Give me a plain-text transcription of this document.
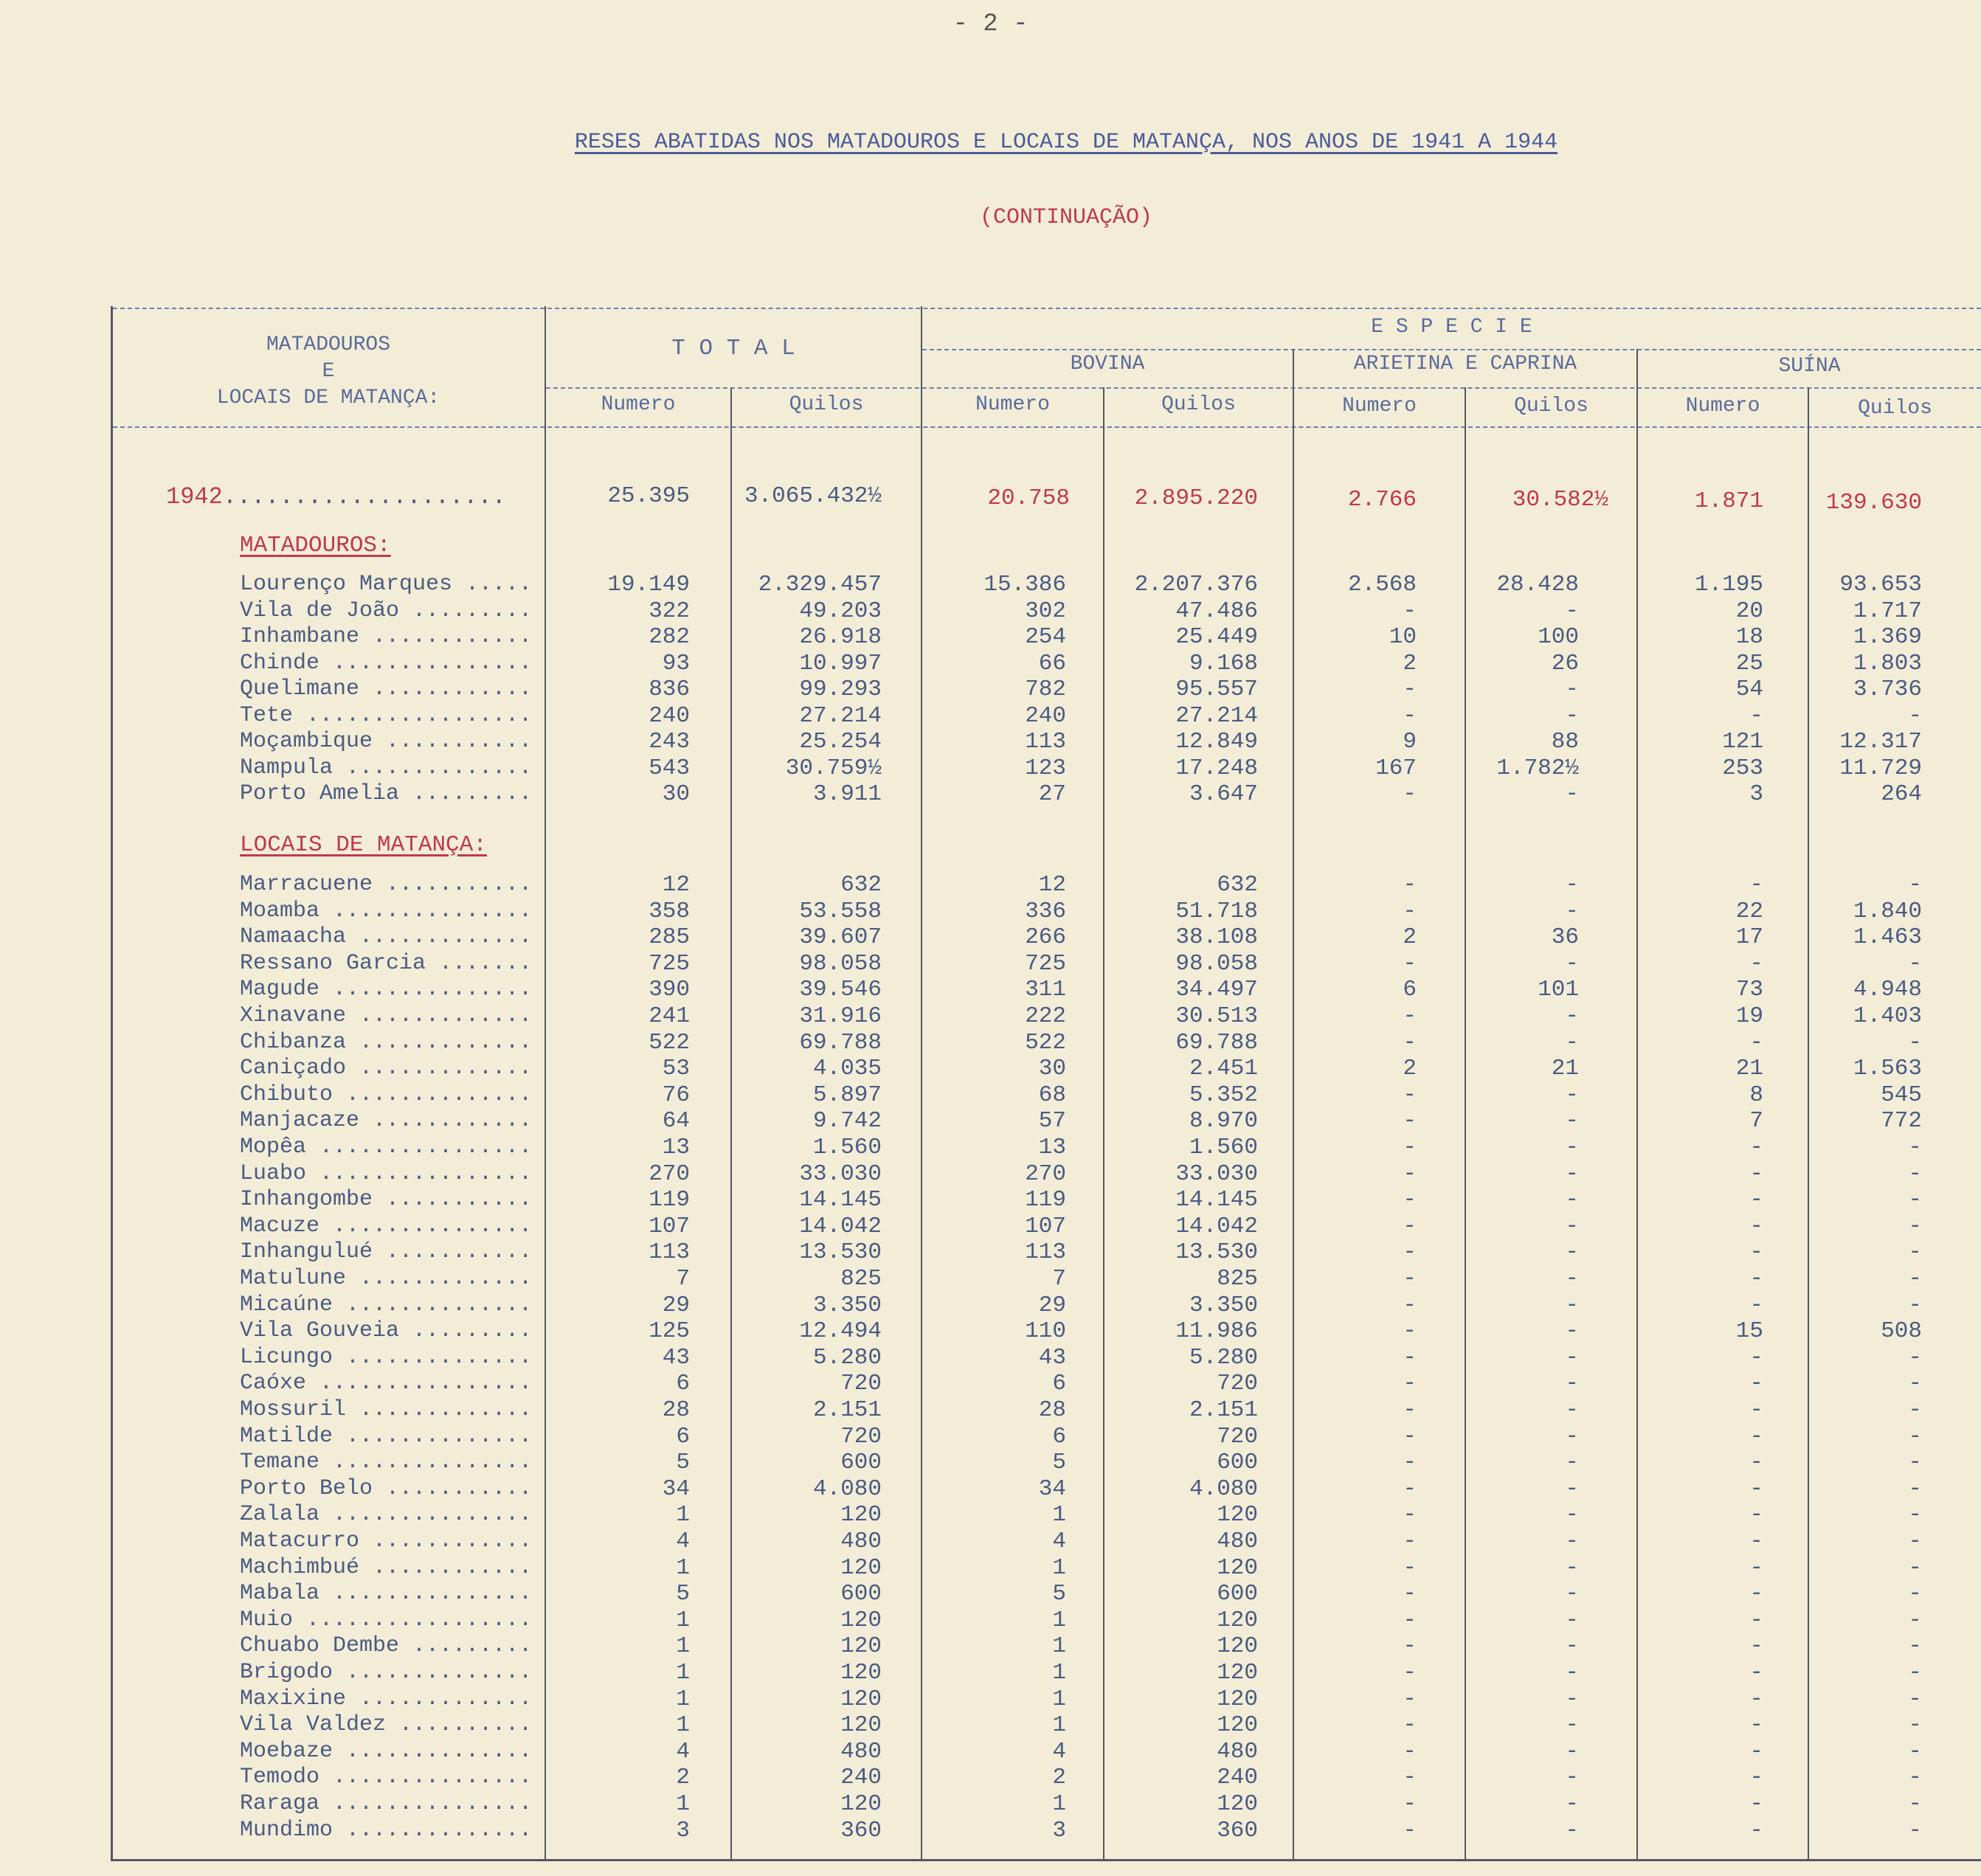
- 2 -
RESES ABATIDAS NOS MATADOUROS E LOCAIS DE MATANÇA, NOS ANOS DE 1941 A 1944
(CONTINUAÇÃO)
MATADOUROS
E
LOCAIS DE MATANÇA:
T O T A L
E S P E C I E
BOVINA	ARIETINA E CAPRINA	SUÍNA
Numero	Quilos	Numero	Quilos	Numero	Quilos	Numero	Quilos
1942....................	25.395	3.065.432½	20.758	2.895.220	2.766	30.582½	1.871	139.630
MATADOUROS:
Lourenço Marques .....	19.149	2.329.457	15.386	2.207.376	2.568	28.428	1.195	93.653
Vila de João .....	322	49.203	302	47.486	-	-	20	1.717
Inhambane .....	282	26.918	254	25.449	10	100	18	1.369
Chinde .....	93	10.997	66	9.168	2	26	25	1.803
Quelimane .....	836	99.293	782	95.557	-	-	54	3.736
Tete .....	240	27.214	240	27.214	-	-	-	-
Moçambique .....	243	25.254	113	12.849	9	88	121	12.317
Nampula .....	543	30.759½	123	17.248	167	1.782½	253	11.729
Porto Amelia .....	30	3.911	27	3.647	-	-	3	264
LOCAIS DE MATANÇA:
Marracuene .....	12	632	12	632	-	-	-	-
Moamba .....	358	53.558	336	51.718	-	-	22	1.840
Namaacha .....	285	39.607	266	38.108	2	36	17	1.463
Ressano Garcia .....	725	98.058	725	98.058	-	-	-	-
Magude .....	390	39.546	311	34.497	6	101	73	4.948
Xinavane .....	241	31.916	222	30.513	-	-	19	1.403
Chibanza .....	522	69.788	522	69.788	-	-	-	-
Caniçado .....	53	4.035	30	2.451	2	21	21	1.563
Chibuto .....	76	5.897	68	5.352	-	-	8	545
Manjacaze .....	64	9.742	57	8.970	-	-	7	772
Mopêa .....	13	1.560	13	1.560	-	-	-	-
Luabo .....	270	33.030	270	33.030	-	-	-	-
Inhangombe .....	119	14.145	119	14.145	-	-	-	-
Macuze .....	107	14.042	107	14.042	-	-	-	-
Inhangulué .....	113	13.530	113	13.530	-	-	-	-
Matulune .....	7	825	7	825	-	-	-	-
Micaúne .....	29	3.350	29	3.350	-	-	-	-
Vila Gouveia .....	125	12.494	110	11.986	-	-	15	508
Licungo .....	43	5.280	43	5.280	-	-	-	-
Caóxe .....	6	720	6	720	-	-	-	-
Mossuril .....	28	2.151	28	2.151	-	-	-	-
Matilde .....	6	720	6	720	-	-	-	-
Temane .....	5	600	5	600	-	-	-	-
Porto Belo .....	34	4.080	34	4.080	-	-	-	-
Zalala .....	1	120	1	120	-	-	-	-
Matacurro .....	4	480	4	480	-	-	-	-
Machimbué .....	1	120	1	120	-	-	-	-
Mabala .....	5	600	5	600	-	-	-	-
Muio .....	1	120	1	120	-	-	-	-
Chuabo Dembe .....	1	120	1	120	-	-	-	-
Brigodo .....	1	120	1	120	-	-	-	-
Maxixine .....	1	120	1	120	-	-	-	-
Vila Valdez .....	1	120	1	120	-	-	-	-
Moebaze .....	4	480	4	480	-	-	-	-
Temodo .....	2	240	2	240	-	-	-	-
Raraga .....	1	120	1	120	-	-	-	-
Mundimo .....	3	360	3	360	-	-	-	-
